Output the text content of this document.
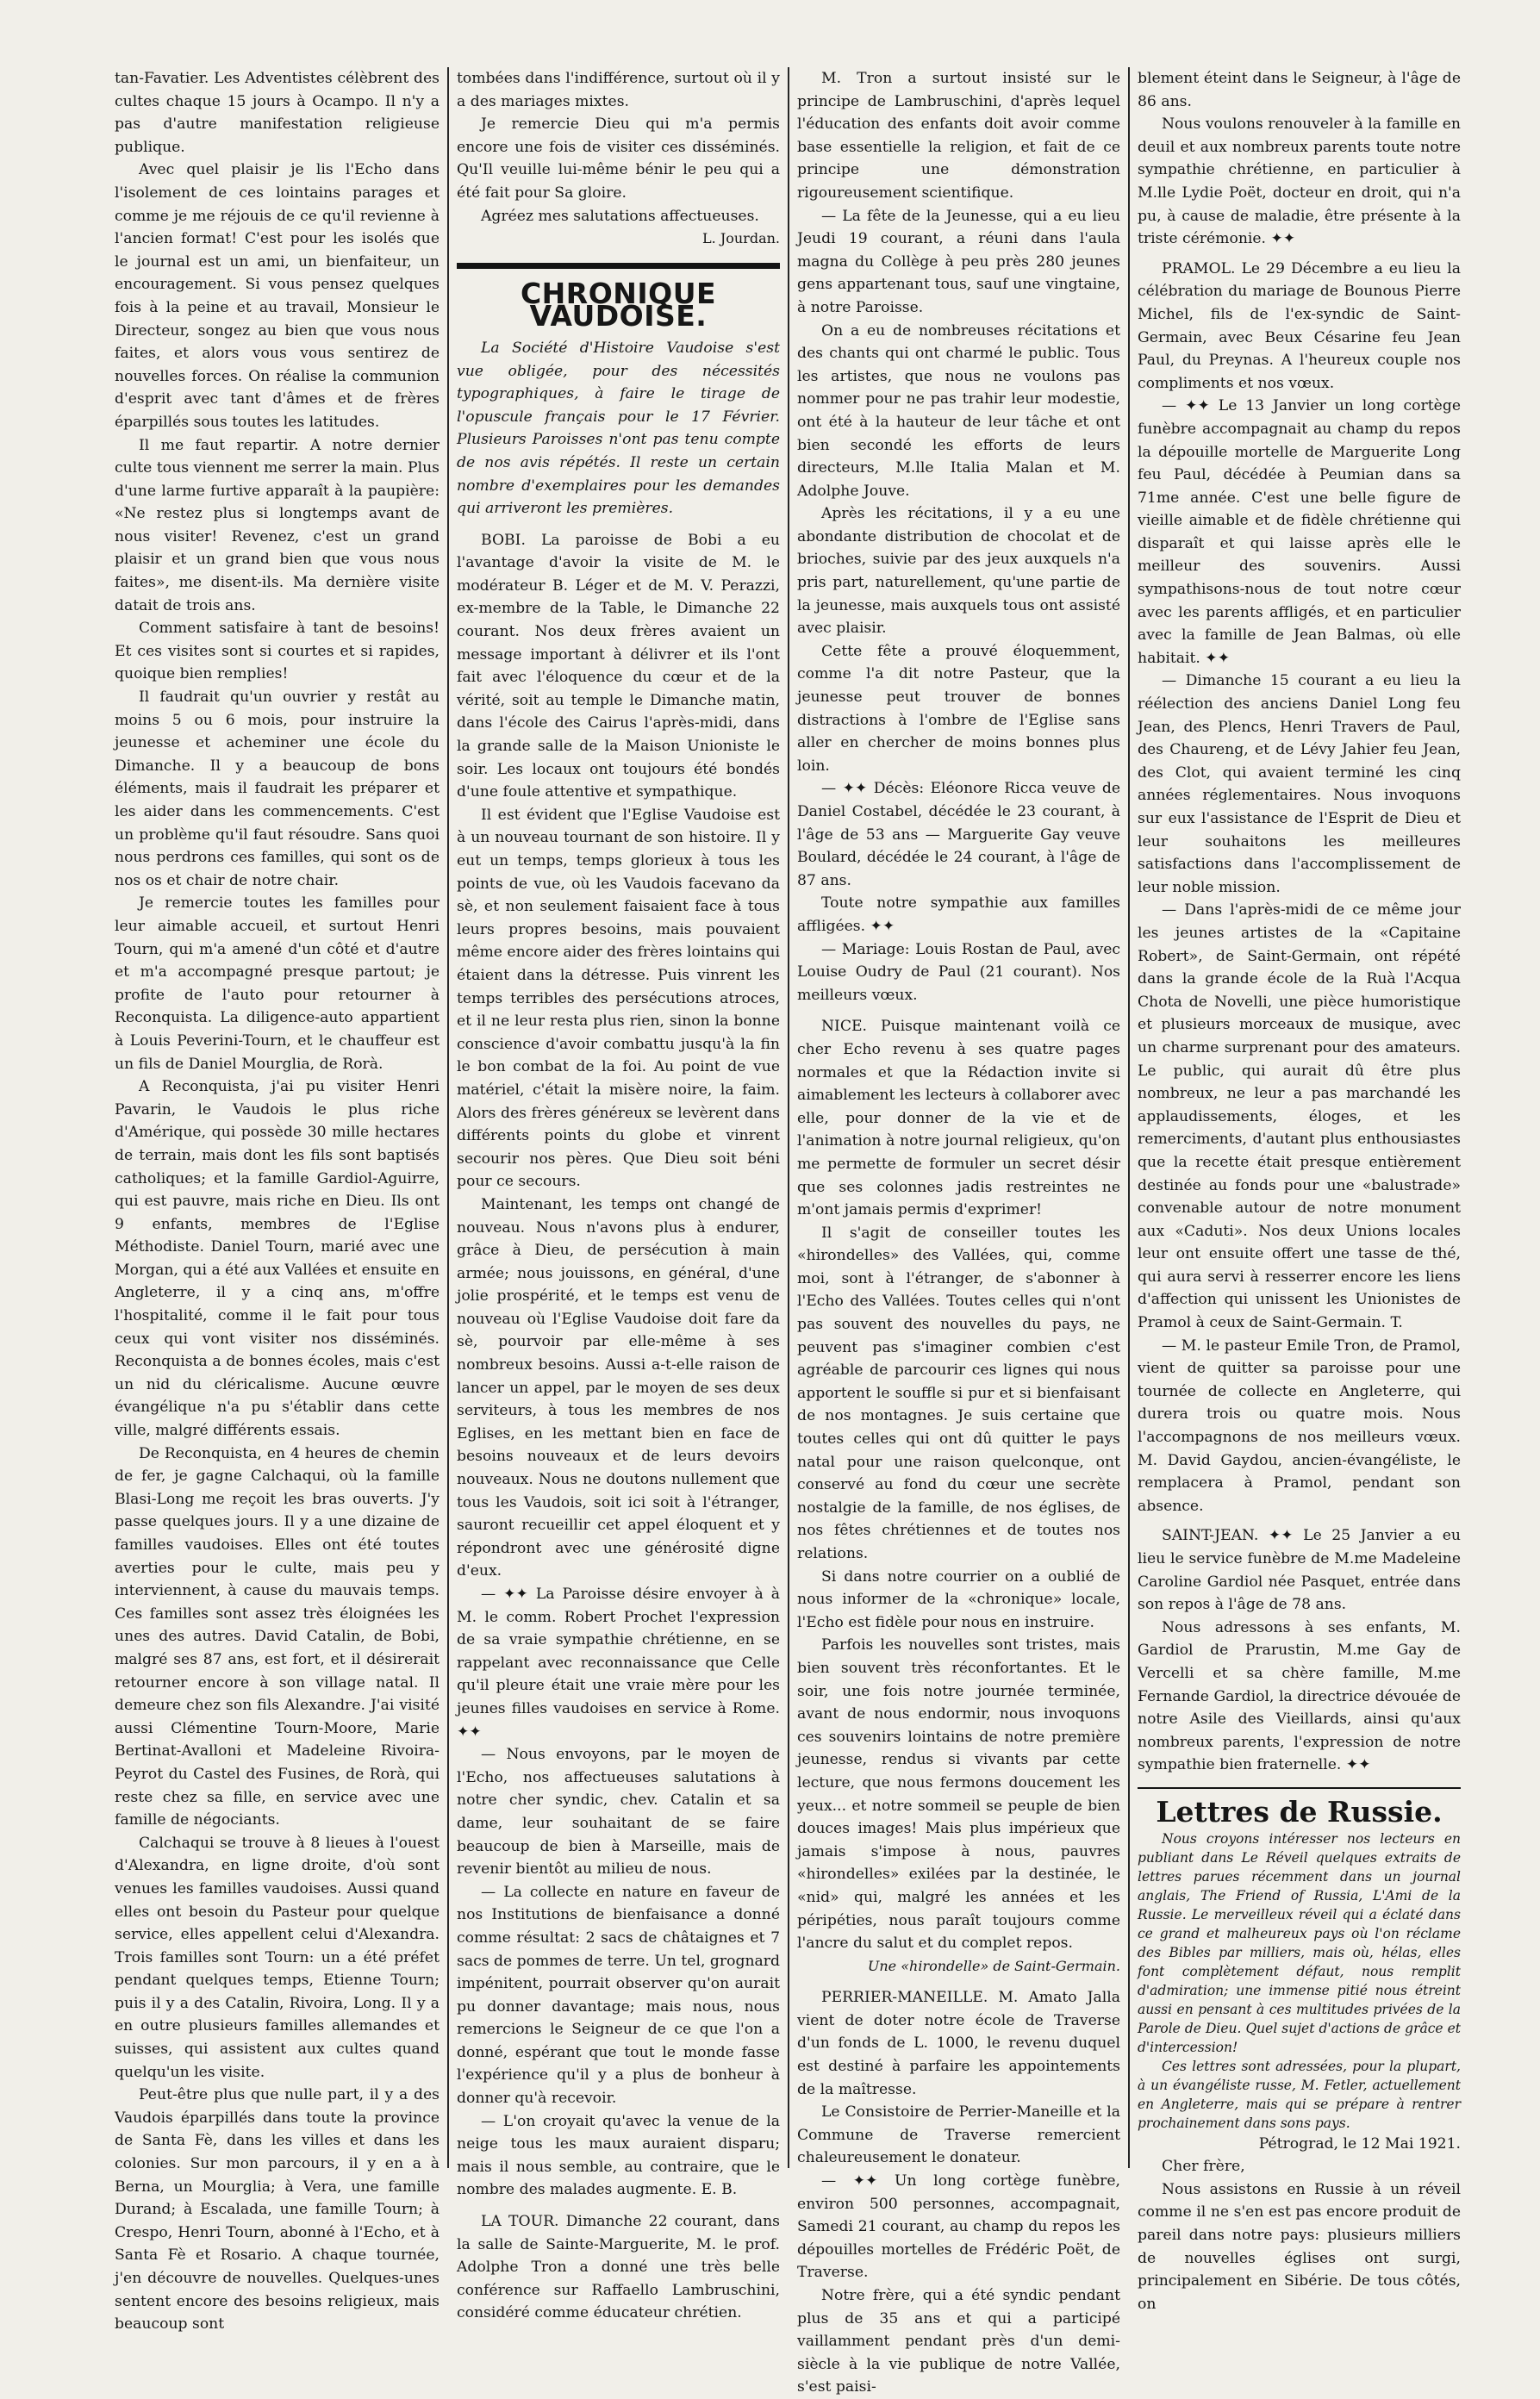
tan-Favatier. Les Adventistes célèbrent des cultes chaque 15 jours à Ocampo. Il n'y a pas d'autre manifestation religieuse publique.

Avec quel plaisir je lis l'Echo dans l'isolement de ces lointains parages et comme je me réjouis de ce qu'il revienne à l'ancien format! C'est pour les isolés que le journal est un ami, un bienfaiteur, un encouragement. Si vous pensez quelques fois à la peine et au travail, Monsieur le Directeur, songez au bien que vous nous faites, et alors vous vous sentirez de nouvelles forces. On réalise la communion d'esprit avec tant d'âmes et de frères éparpillés sous toutes les latitudes.

Il me faut repartir. A notre dernier culte tous viennent me serrer la main. Plus d'une larme furtive apparaît à la paupière: «Ne restez plus si longtemps avant de nous visiter! Revenez, c'est un grand plaisir et un grand bien que vous nous faites», me disent-ils. Ma dernière visite datait de trois ans.

Comment satisfaire à tant de besoins! Et ces visites sont si courtes et si rapides, quoique bien remplies!

Il faudrait qu'un ouvrier y restât au moins 5 ou 6 mois, pour instruire la jeunesse et acheminer une école du Dimanche. Il y a beaucoup de bons éléments, mais il faudrait les préparer et les aider dans les commencements. C'est un problème qu'il faut résoudre. Sans quoi nous perdrons ces familles, qui sont os de nos os et chair de notre chair.

Je remercie toutes les familles pour leur aimable accueil, et surtout Henri Tourn, qui m'a amené d'un côté et d'autre et m'a accompagné presque partout; je profite de l'auto pour retourner à Reconquista. La diligence-auto appartient à Louis Peverini-Tourn, et le chauffeur est un fils de Daniel Mourglia, de Rorà.

A Reconquista, j'ai pu visiter Henri Pavarin, le Vaudois le plus riche d'Amérique, qui possède 30 mille hectares de terrain, mais dont les fils sont baptisés catholiques; et la famille Gardiol-Aguirre, qui est pauvre, mais riche en Dieu. Ils ont 9 enfants, membres de l'Eglise Méthodiste. Daniel Tourn, marié avec une Morgan, qui a été aux Vallées et ensuite en Angleterre, il y a cinq ans, m'offre l'hospitalité, comme il le fait pour tous ceux qui vont visiter nos disséminés. Reconquista a de bonnes écoles, mais c'est un nid du cléricalisme. Aucune œuvre évangélique n'a pu s'établir dans cette ville, malgré différents essais.

De Reconquista, en 4 heures de chemin de fer, je gagne Calchaqui, où la famille Blasi-Long me reçoit les bras ouverts. J'y passe quelques jours. Il y a une dizaine de familles vaudoises. Elles ont été toutes averties pour le culte, mais peu y interviennent, à cause du mauvais temps. Ces familles sont assez très éloignées les unes des autres. David Catalin, de Bobi, malgré ses 87 ans, est fort, et il désirerait retourner encore à son village natal. Il demeure chez son fils Alexandre. J'ai visité aussi Clémentine Tourn-Moore, Marie Bertinat-Avalloni et Madeleine Rivoira-Peyrot du Castel des Fusines, de Rorà, qui reste chez sa fille, en service avec une famille de négociants.

Calchaqui se trouve à 8 lieues à l'ouest d'Alexandra, en ligne droite, d'où sont venues les familles vaudoises. Aussi quand elles ont besoin du Pasteur pour quelque service, elles appellent celui d'Alexandra. Trois familles sont Tourn: un a été préfet pendant quelques temps, Etienne Tourn; puis il y a des Catalin, Rivoira, Long. Il y a en outre plusieurs familles allemandes et suisses, qui assistent aux cultes quand quelqu'un les visite.

Peut-être plus que nulle part, il y a des Vaudois éparpillés dans toute la province de Santa Fè, dans les villes et dans les colonies. Sur mon parcours, il y en a à Berna, un Mourglia; à Vera, une famille Durand; à Escalada, une famille Tourn; à Crespo, Henri Tourn, abonné à l'Echo, et à Santa Fè et Rosario. A chaque tournée, j'en découvre de nouvelles. Quelques-unes sentent encore des besoins religieux, mais beaucoup sont

tombées dans l'indifférence, surtout où il y a des mariages mixtes.

Je remercie Dieu qui m'a permis encore une fois de visiter ces disséminés. Qu'Il veuille lui-même bénir le peu qui a été fait pour Sa gloire.

Agréez mes salutations affectueuses.

L. Jourdan.

CHRONIQUE VAUDOISE.

La Société d'Histoire Vaudoise s'est vue obligée, pour des nécessités typographiques, à faire le tirage de l'opuscule français pour le 17 Février. Plusieurs Paroisses n'ont pas tenu compte de nos avis répétés. Il reste un certain nombre d'exemplaires pour les demandes qui arriveront les premières.

BOBI. La paroisse de Bobi a eu l'avantage d'avoir la visite de M. le modérateur B. Léger et de M. V. Perazzi, ex-membre de la Table, le Dimanche 22 courant. Nos deux frères avaient un message important à délivrer et ils l'ont fait avec l'éloquence du cœur et de la vérité, soit au temple le Dimanche matin, dans l'école des Cairus l'après-midi, dans la grande salle de la Maison Unioniste le soir. Les locaux ont toujours été bondés d'une foule attentive et sympathique.

Il est évident que l'Eglise Vaudoise est à un nouveau tournant de son histoire. Il y eut un temps, temps glorieux à tous les points de vue, où les Vaudois facevano da sè, et non seulement faisaient face à tous leurs propres besoins, mais pouvaient même encore aider des frères lointains qui étaient dans la détresse. Puis vinrent les temps terribles des persécutions atroces, et il ne leur resta plus rien, sinon la bonne conscience d'avoir combattu jusqu'à la fin le bon combat de la foi. Au point de vue matériel, c'était la misère noire, la faim. Alors des frères généreux se levèrent dans différents points du globe et vinrent secourir nos pères. Que Dieu soit béni pour ce secours.

Maintenant, les temps ont changé de nouveau. Nous n'avons plus à endurer, grâce à Dieu, de persécution à main armée; nous jouissons, en général, d'une jolie prospérité, et le temps est venu de nouveau où l'Eglise Vaudoise doit fare da sè, pourvoir par elle-même à ses nombreux besoins. Aussi a-t-elle raison de lancer un appel, par le moyen de ses deux serviteurs, à tous les membres de nos Eglises, en les mettant bien en face de besoins nouveaux et de leurs devoirs nouveaux. Nous ne doutons nullement que tous les Vaudois, soit ici soit à l'étranger, sauront recueillir cet appel éloquent et y répondront avec une générosité digne d'eux.

— ✦✦ La Paroisse désire envoyer à à M. le comm. Robert Prochet l'expression de sa vraie sympathie chrétienne, en se rappelant avec reconnaissance que Celle qu'il pleure était une vraie mère pour les jeunes filles vaudoises en service à Rome. ✦✦

— Nous envoyons, par le moyen de l'Echo, nos affectueuses salutations à notre cher syndic, chev. Catalin et sa dame, leur souhaitant de se faire beaucoup de bien à Marseille, mais de revenir bientôt au milieu de nous.

— La collecte en nature en faveur de nos Institutions de bienfaisance a donné comme résultat: 2 sacs de châtaignes et 7 sacs de pommes de terre. Un tel, grognard impénitent, pourrait observer qu'on aurait pu donner davantage; mais nous, nous remercions le Seigneur de ce que l'on a donné, espérant que tout le monde fasse l'expérience qu'il y a plus de bonheur à donner qu'à recevoir.

— L'on croyait qu'avec la venue de la neige tous les maux auraient disparu; mais il nous semble, au contraire, que le nombre des malades augmente. E. B.

LA TOUR. Dimanche 22 courant, dans la salle de Sainte-Marguerite, M. le prof. Adolphe Tron a donné une très belle conférence sur Raffaello Lambruschini, considéré comme éducateur chrétien.

M. Tron a surtout insisté sur le principe de Lambruschini, d'après lequel l'éducation des enfants doit avoir comme base essentielle la religion, et fait de ce principe une démonstration rigoureusement scientifique.

— La fête de la Jeunesse, qui a eu lieu Jeudi 19 courant, a réuni dans l'aula magna du Collège à peu près 280 jeunes gens appartenant tous, sauf une vingtaine, à notre Paroisse.

On a eu de nombreuses récitations et des chants qui ont charmé le public. Tous les artistes, que nous ne voulons pas nommer pour ne pas trahir leur modestie, ont été à la hauteur de leur tâche et ont bien secondé les efforts de leurs directeurs, M.lle Italia Malan et M. Adolphe Jouve.

Après les récitations, il y a eu une abondante distribution de chocolat et de brioches, suivie par des jeux auxquels n'a pris part, naturellement, qu'une partie de la jeunesse, mais auxquels tous ont assisté avec plaisir.

Cette fête a prouvé éloquemment, comme l'a dit notre Pasteur, que la jeunesse peut trouver de bonnes distractions à l'ombre de l'Eglise sans aller en chercher de moins bonnes plus loin.

— ✦✦ Décès: Eléonore Ricca veuve de Daniel Costabel, décédée le 23 courant, à l'âge de 53 ans — Marguerite Gay veuve Boulard, décédée le 24 courant, à l'âge de 87 ans.

Toute notre sympathie aux familles affligées. ✦✦

— Mariage: Louis Rostan de Paul, avec Louise Oudry de Paul (21 courant). Nos meilleurs vœux.

NICE. Puisque maintenant voilà ce cher Echo revenu à ses quatre pages normales et que la Rédaction invite si aimablement les lecteurs à collaborer avec elle, pour donner de la vie et de l'animation à notre journal religieux, qu'on me permette de formuler un secret désir que ses colonnes jadis restreintes ne m'ont jamais permis d'exprimer!

Il s'agit de conseiller toutes les «hirondelles» des Vallées, qui, comme moi, sont à l'étranger, de s'abonner à l'Echo des Vallées. Toutes celles qui n'ont pas souvent des nouvelles du pays, ne peuvent pas s'imaginer combien c'est agréable de parcourir ces lignes qui nous apportent le souffle si pur et si bienfaisant de nos montagnes. Je suis certaine que toutes celles qui ont dû quitter le pays natal pour une raison quelconque, ont conservé au fond du cœur une secrète nostalgie de la famille, de nos églises, de nos fêtes chrétiennes et de toutes nos relations.

Si dans notre courrier on a oublié de nous informer de la «chronique» locale, l'Echo est fidèle pour nous en instruire.

Parfois les nouvelles sont tristes, mais bien souvent très réconfortantes. Et le soir, une fois notre journée terminée, avant de nous endormir, nous invoquons ces souvenirs lointains de notre première jeunesse, rendus si vivants par cette lecture, que nous fermons doucement les yeux... et notre sommeil se peuple de bien douces images! Mais plus impérieux que jamais s'impose à nous, pauvres «hirondelles» exilées par la destinée, le «nid» qui, malgré les années et les péripéties, nous paraît toujours comme l'ancre du salut et du complet repos.

Une «hirondelle» de Saint-Germain.

PERRIER-MANEILLE. M. Amato Jalla vient de doter notre école de Traverse d'un fonds de L. 1000, le revenu duquel est destiné à parfaire les appointements de la maîtresse.

Le Consistoire de Perrier-Maneille et la Commune de Traverse remercient chaleureusement le donateur.

— ✦✦ Un long cortège funèbre, environ 500 personnes, accompagnait, Samedi 21 courant, au champ du repos les dépouilles mortelles de Frédéric Poët, de Traverse.

Notre frère, qui a été syndic pendant plus de 35 ans et qui a participé vaillamment pendant près d'un demi-siècle à la vie publique de notre Vallée, s'est paisi-

blement éteint dans le Seigneur, à l'âge de 86 ans.

Nous voulons renouveler à la famille en deuil et aux nombreux parents toute notre sympathie chrétienne, en particulier à M.lle Lydie Poët, docteur en droit, qui n'a pu, à cause de maladie, être présente à la triste cérémonie. ✦✦

PRAMOL. Le 29 Décembre a eu lieu la célébration du mariage de Bounous Pierre Michel, fils de l'ex-syndic de Saint-Germain, avec Beux Césarine feu Jean Paul, du Preynas. A l'heureux couple nos compliments et nos vœux.

— ✦✦ Le 13 Janvier un long cortège funèbre accompagnait au champ du repos la dépouille mortelle de Marguerite Long feu Paul, décédée à Peumian dans sa 71me année. C'est une belle figure de vieille aimable et de fidèle chrétienne qui disparaît et qui laisse après elle le meilleur des souvenirs. Aussi sympathisons-nous de tout notre cœur avec les parents affligés, et en particulier avec la famille de Jean Balmas, où elle habitait. ✦✦

— Dimanche 15 courant a eu lieu la réélection des anciens Daniel Long feu Jean, des Plencs, Henri Travers de Paul, des Chaureng, et de Lévy Jahier feu Jean, des Clot, qui avaient terminé les cinq années réglementaires. Nous invoquons sur eux l'assistance de l'Esprit de Dieu et leur souhaitons les meilleures satisfactions dans l'accomplissement de leur noble mission.

— Dans l'après-midi de ce même jour les jeunes artistes de la «Capitaine Robert», de Saint-Germain, ont répété dans la grande école de la Ruà l'Acqua Chota de Novelli, une pièce humoristique et plusieurs morceaux de musique, avec un charme surprenant pour des amateurs. Le public, qui aurait dû être plus nombreux, ne leur a pas marchandé les applaudissements, éloges, et les remerciments, d'autant plus enthousiastes que la recette était presque entièrement destinée au fonds pour une «balustrade» convenable autour de notre monument aux «Caduti». Nos deux Unions locales leur ont ensuite offert une tasse de thé, qui aura servi à resserrer encore les liens d'affection qui unissent les Unionistes de Pramol à ceux de Saint-Germain. T.

— M. le pasteur Emile Tron, de Pramol, vient de quitter sa paroisse pour une tournée de collecte en Angleterre, qui durera trois ou quatre mois. Nous l'accompagnons de nos meilleurs vœux. M. David Gaydou, ancien-évangéliste, le remplacera à Pramol, pendant son absence.

SAINT-JEAN. ✦✦ Le 25 Janvier a eu lieu le service funèbre de M.me Madeleine Caroline Gardiol née Pasquet, entrée dans son repos à l'âge de 78 ans.

Nous adressons à ses enfants, M. Gardiol de Prarustin, M.me Gay de Vercelli et sa chère famille, M.me Fernande Gardiol, la directrice dévouée de notre Asile des Vieillards, ainsi qu'aux nombreux parents, l'expression de notre sympathie bien fraternelle. ✦✦

Lettres de Russie.

Nous croyons intéresser nos lecteurs en publiant dans Le Réveil quelques extraits de lettres parues récemment dans un journal anglais, The Friend of Russia, L'Ami de la Russie. Le merveilleux réveil qui a éclaté dans ce grand et malheureux pays où l'on réclame des Bibles par milliers, mais où, hélas, elles font complètement défaut, nous remplit d'admiration; une immense pitié nous étreint aussi en pensant à ces multitudes privées de la Parole de Dieu. Quel sujet d'actions de grâce et d'intercession!

Ces lettres sont adressées, pour la plupart, à un évangéliste russe, M. Fetler, actuellement en Angleterre, mais qui se prépare à rentrer prochainement dans sons pays.

Pétrograd, le 12 Mai 1921.

Cher frère,

Nous assistons en Russie à un réveil comme il ne s'en est pas encore produit de pareil dans notre pays: plusieurs milliers de nouvelles églises ont surgi, principalement en Sibérie. De tous côtés, on
